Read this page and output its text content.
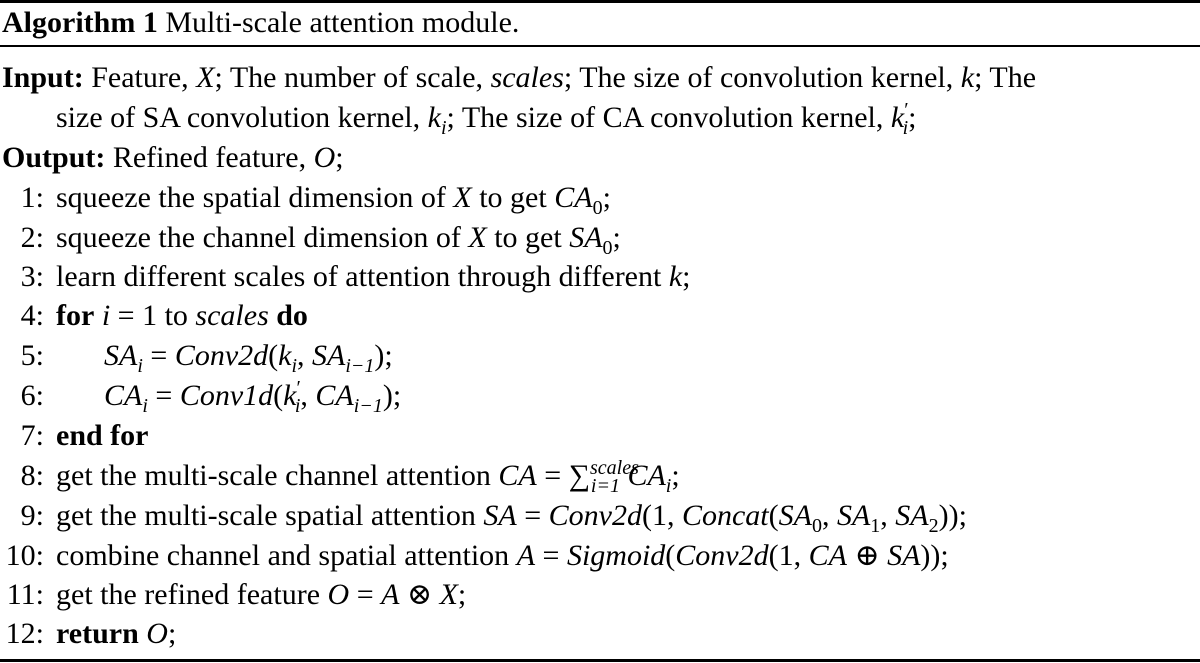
Algorithm 1 Multi-scale attention module.
Input: Feature, X; The number of scale, scales; The size of convolution kernel, k; The
size of SA convolution kernel, $k_i$; The size of CA convolution kernel, $k'_i$;
Output: Refined feature, O;
1: squeeze the spatial dimension of X to get $CA_0$;
2: squeeze the channel dimension of X to get $SA_0$;
3: learn different scales of attention through different k;
4: for i = 1 to scales do
5: $SA_i$ = $Conv2d(k_i$, $SA_{i-1}$);
6: $CA_i$ = $Conv1d(k'_i$, $CA_{i-1}$);
7: end for
8: get the multi-scale channel attention CA = ∑$^{scales}_{i=1}$ $CA_i$;
9: get the multi-scale spatial attention SA = Conv2d(1, $Concat(SA_0$, $SA_1$, $SA_2$));
10: combine channel and spatial attention A = Sigmoid(Conv2d(1, CA ⊕ SA));
11: get the refined feature O = A ⊗ X;
12: return O;
